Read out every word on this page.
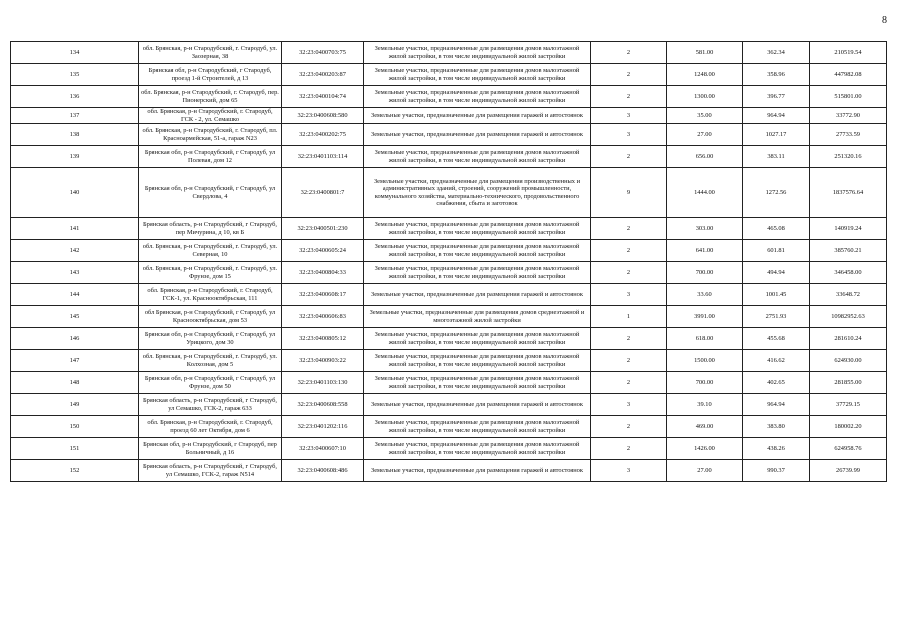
8
134	обл. Брянская, р-н Стародубский, г. Стародуб, ул. Заозерная, 38	32:23:0400703:75	Земельные участки, предназначенные для размещения домов малоэтажной жилой застройки, в том числе индивидуальной жилой застройки	2	581.00	362.34	210519.54
135	Брянская обл, р-н Стародубский, г Стародуб, проезд 1-й Строителей, д 13	32:23:0400203:87	Земельные участки, предназначенные для размещения домов малоэтажной жилой застройки, в том числе индивидуальной жилой застройки	2	1248.00	358.96	447982.08
136	обл. Брянская, р-н Стародубский, г. Стародуб, пер. Пионерский, дом 65	32:23:0400104:74	Земельные участки, предназначенные для размещения домов малоэтажной жилой застройки, в том числе индивидуальной жилой застройки	2	1300.00	396.77	515801.00
137	обл. Брянская, р-н Стародубский, г. Стародуб, ГСК - 2, ул. Семашко	32:23:0400608:580	Земельные участки, предназначенные для размещения гаражей и автостоянок	3	35.00	964.94	33772.90
138	обл. Брянская, р-н Стародубский, г. Стародуб, пл. Красноармейская, 51-а, гараж N23	32:23:0400202:75	Земельные участки, предназначенные для размещения гаражей и автостоянок	3	27.00	1027.17	27733.59
139	Брянская обл, р-н Стародубский, г Стародуб, ул Полевая, дом 12	32:23:0401103:114	Земельные участки, предназначенные для размещения домов малоэтажной жилой застройки, в том числе индивидуальной жилой застройки	2	656.00	383.11	251320.16
140	Брянская обл, р-н Стародубский, г Стародуб, ул Свердлова, 4	32:23:0400801:7	Земельные участки, предназначенные для размещения производственных и административных зданий, строений, сооружений промышленности, коммунального хозяйства, материально-технического, продовольственного снабжения, сбыта и заготовок	9	1444.00	1272.56	1837576.64
141	Брянская область, р-н Стародубский, г Стародуб, пер Мичурина, д 10, кв Б	32:23:0400501:230	Земельные участки, предназначенные для размещения домов малоэтажной жилой застройки, в том числе индивидуальной жилой застройки	2	303.00	465.08	140919.24
142	обл. Брянская, р-н Стародубский, г. Стародуб, ул. Северная, 10	32:23:0400605:24	Земельные участки, предназначенные для размещения домов малоэтажной жилой застройки, в том числе индивидуальной жилой застройки	2	641.00	601.81	385760.21
143	обл. Брянская, р-н Стародубский, г. Стародуб, ул. Фрунзе, дом 15	32:23:0400804:33	Земельные участки, предназначенные для размещения домов малоэтажной жилой застройки, в том числе индивидуальной жилой застройки	2	700.00	494.94	346458.00
144	обл. Брянская, р-н Стародубский, г. Стародуб, ГСК-1, ул. Краснооктябрьская, 111	32:23:0400608:17	Земельные участки, предназначенные для размещения гаражей и автостоянок	3	33.60	1001.45	33648.72
145	обл Брянская, р-н Стародубский, г Стародуб, ул Краснооктябрьская, дом 53	32:23:0400606:83	Земельные участки, предназначенные для размещения домов среднеэтажной и многоэтажной жилой застройки	1	3991.00	2751.93	10982952.63
146	Брянская обл, р-н Стародубский, г Стародуб, ул Урицкого, дом 30	32:23:0400805:12	Земельные участки, предназначенные для размещения домов малоэтажной жилой застройки, в том числе индивидуальной жилой застройки	2	618.00	455.68	281610.24
147	обл. Брянская, р-н Стародубский, г. Стародуб, ул. Колхозная, дом 5	32:23:0400903:22	Земельные участки, предназначенные для размещения домов малоэтажной жилой застройки, в том числе индивидуальной жилой застройки	2	1500.00	416.62	624930.00
148	Брянская обл, р-н Стародубский, г Стародуб, ул Фрунзе, дом 50	32:23:0401103:130	Земельные участки, предназначенные для размещения домов малоэтажной жилой застройки, в том числе индивидуальной жилой застройки	2	700.00	402.65	281855.00
149	Брянская область, р-н Стародубский, г Стародуб, ул Семашко, ГСК-2, гараж 633	32:23:0400608:558	Земельные участки, предназначенные для размещения гаражей и автостоянок	3	39.10	964.94	37729.15
150	обл. Брянская, р-н Стародубский, г. Стародуб, проезд 60 лет Октября, дом 6	32:23:0401202:116	Земельные участки, предназначенные для размещения домов малоэтажной жилой застройки, в том числе индивидуальной жилой застройки	2	469.00	383.80	180002.20
151	Брянская обл, р-н Стародубский, г Стародуб, пер Больничный, д 16	32:23:0400607:10	Земельные участки, предназначенные для размещения домов малоэтажной жилой застройки, в том числе индивидуальной жилой застройки	2	1426.00	438.26	624958.76
152	Брянская область, р-н Стародубский, г Стародуб, ул Семашко, ГСК-2, гараж N514	32:23:0400608:486	Земельные участки, предназначенные для размещения гаражей и автостоянок	3	27.00	990.37	26739.99
